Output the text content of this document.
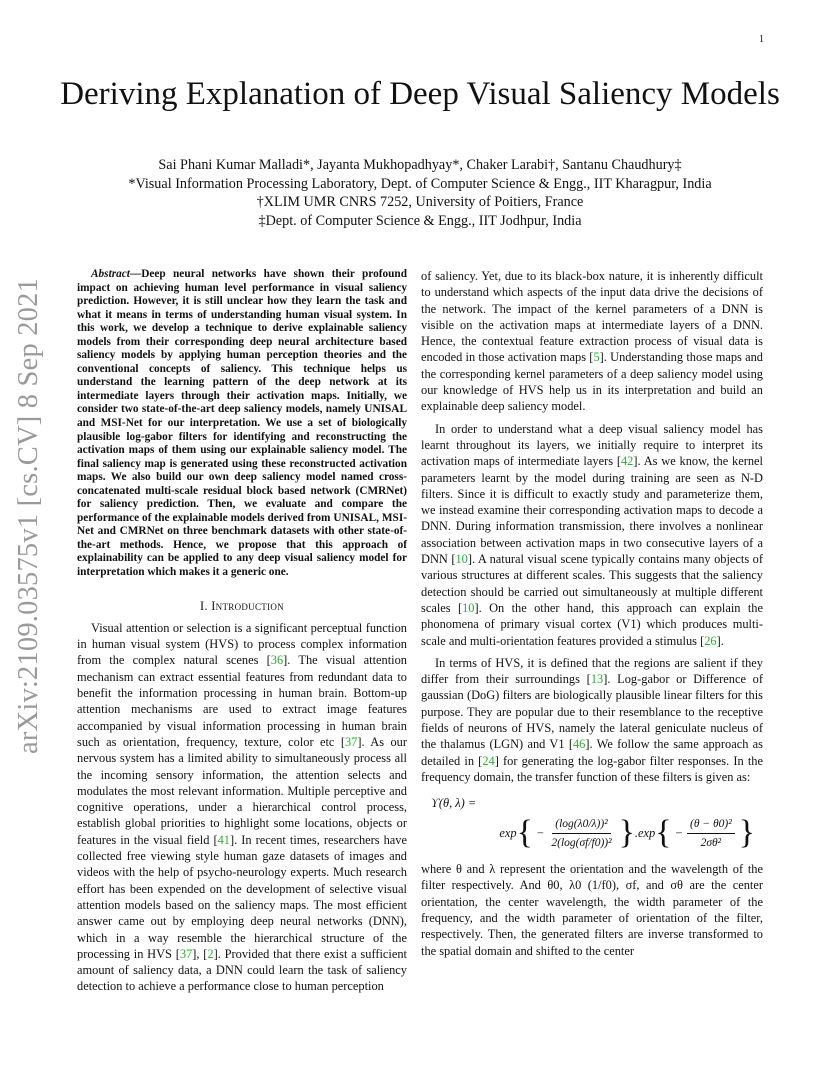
1
arXiv:2109.03575v1 [cs.CV] 8 Sep 2021
Deriving Explanation of Deep Visual Saliency Models
Sai Phani Kumar Malladi*, Jayanta Mukhopadhyay*, Chaker Larabi†, Santanu Chaudhury‡
*Visual Information Processing Laboratory, Dept. of Computer Science & Engg., IIT Kharagpur, India
†XLIM UMR CNRS 7252, University of Poitiers, France
‡Dept. of Computer Science & Engg., IIT Jodhpur, India

Abstract—Deep neural networks have shown their profound impact on achieving human level performance in visual saliency prediction. However, it is still unclear how they learn the task and what it means in terms of understanding human visual system. In this work, we develop a technique to derive explainable saliency models from their corresponding deep neural architecture based saliency models by applying human perception theories and the conventional concepts of saliency. This technique helps us understand the learning pattern of the deep network at its intermediate layers through their activation maps. Initially, we consider two state-of-the-art deep saliency models, namely UNISAL and MSI-Net for our interpretation. We use a set of biologically plausible log-gabor filters for identifying and reconstructing the activation maps of them using our explainable saliency model. The final saliency map is generated using these reconstructed activation maps. We also build our own deep saliency model named cross-concatenated multi-scale residual block based network (CMRNet) for saliency prediction. Then, we evaluate and compare the performance of the explainable models derived from UNISAL, MSI-Net and CMRNet on three benchmark datasets with other state-of-the-art methods. Hence, we propose that this approach of explainability can be applied to any deep visual saliency model for interpretation which makes it a generic one.

I. Introduction

Visual attention or selection is a significant perceptual function in human visual system (HVS) to process complex information from the complex natural scenes [36]. The visual attention mechanism can extract essential features from redundant data to benefit the information processing in human brain. Bottom-up attention mechanisms are used to extract image features accompanied by visual information processing in human brain such as orientation, frequency, texture, color etc [37]. As our nervous system has a limited ability to simultaneously process all the incoming sensory information, the attention selects and modulates the most relevant information. Multiple perceptive and cognitive operations, under a hierarchical control process, establish global priorities to highlight some locations, objects or features in the visual field [41]. In recent times, researchers have collected free viewing style human gaze datasets of images and videos with the help of psycho-neurology experts. Much research effort has been expended on the development of selective visual attention models based on the saliency maps. The most efficient answer came out by employing deep neural networks (DNN), which in a way resemble the hierarchical structure of the processing in HVS [37], [2]. Provided that there exist a sufficient amount of saliency data, a DNN could learn the task of saliency detection to achieve a performance close to human perception

of saliency. Yet, due to its black-box nature, it is inherently difficult to understand which aspects of the input data drive the decisions of the network. The impact of the kernel parameters of a DNN is visible on the activation maps at intermediate layers of a DNN. Hence, the contextual feature extraction process of visual data is encoded in those activation maps [5]. Understanding those maps and the corresponding kernel parameters of a deep saliency model using our knowledge of HVS help us in its interpretation and build an explainable deep saliency model.

In order to understand what a deep visual saliency model has learnt throughout its layers, we initially require to interpret its activation maps of intermediate layers [42]. As we know, the kernel parameters learnt by the model during training are seen as N-D filters. Since it is difficult to exactly study and parameterize them, we instead examine their corresponding activation maps to decode a DNN. During information transmission, there involves a nonlinear association between activation maps in two consecutive layers of a DNN [10]. A natural visual scene typically contains many objects of various structures at different scales. This suggests that the saliency detection should be carried out simultaneously at multiple different scales [10]. On the other hand, this approach can explain the phonomena of primary visual cortex (V1) which produces multi-scale and multi-orientation features provided a stimulus [26].

In terms of HVS, it is defined that the regions are salient if they differ from their surroundings [13]. Log-gabor or Difference of gaussian (DoG) filters are biologically plausible linear filters for this purpose. They are popular due to their resemblance to the receptive fields of neurons of HVS, namely the lateral geniculate nucleus of the thalamus (LGN) and V1 [46]. We follow the same approach as detailed in [24] for generating the log-gabor filter responses. In the frequency domain, the transfer function of these filters is given as:

ϒ(θ, λ) =
exp { − $\frac{\text{(log(λ0/λ))²}}{\text{2(log(σf/f0))²}}$ } .exp { − $\frac{\text{(θ − θ0)²}}{\text{2σθ²}}$ }

where θ and λ represent the orientation and the wavelength of the filter respectively. And θ0, λ0 (1/f0), σf, and σθ are the center orientation, the center wavelength, the width parameter of the frequency, and the width parameter of orientation of the filter, respectively. Then, the generated filters are inverse transformed to the spatial domain and shifted to the center
